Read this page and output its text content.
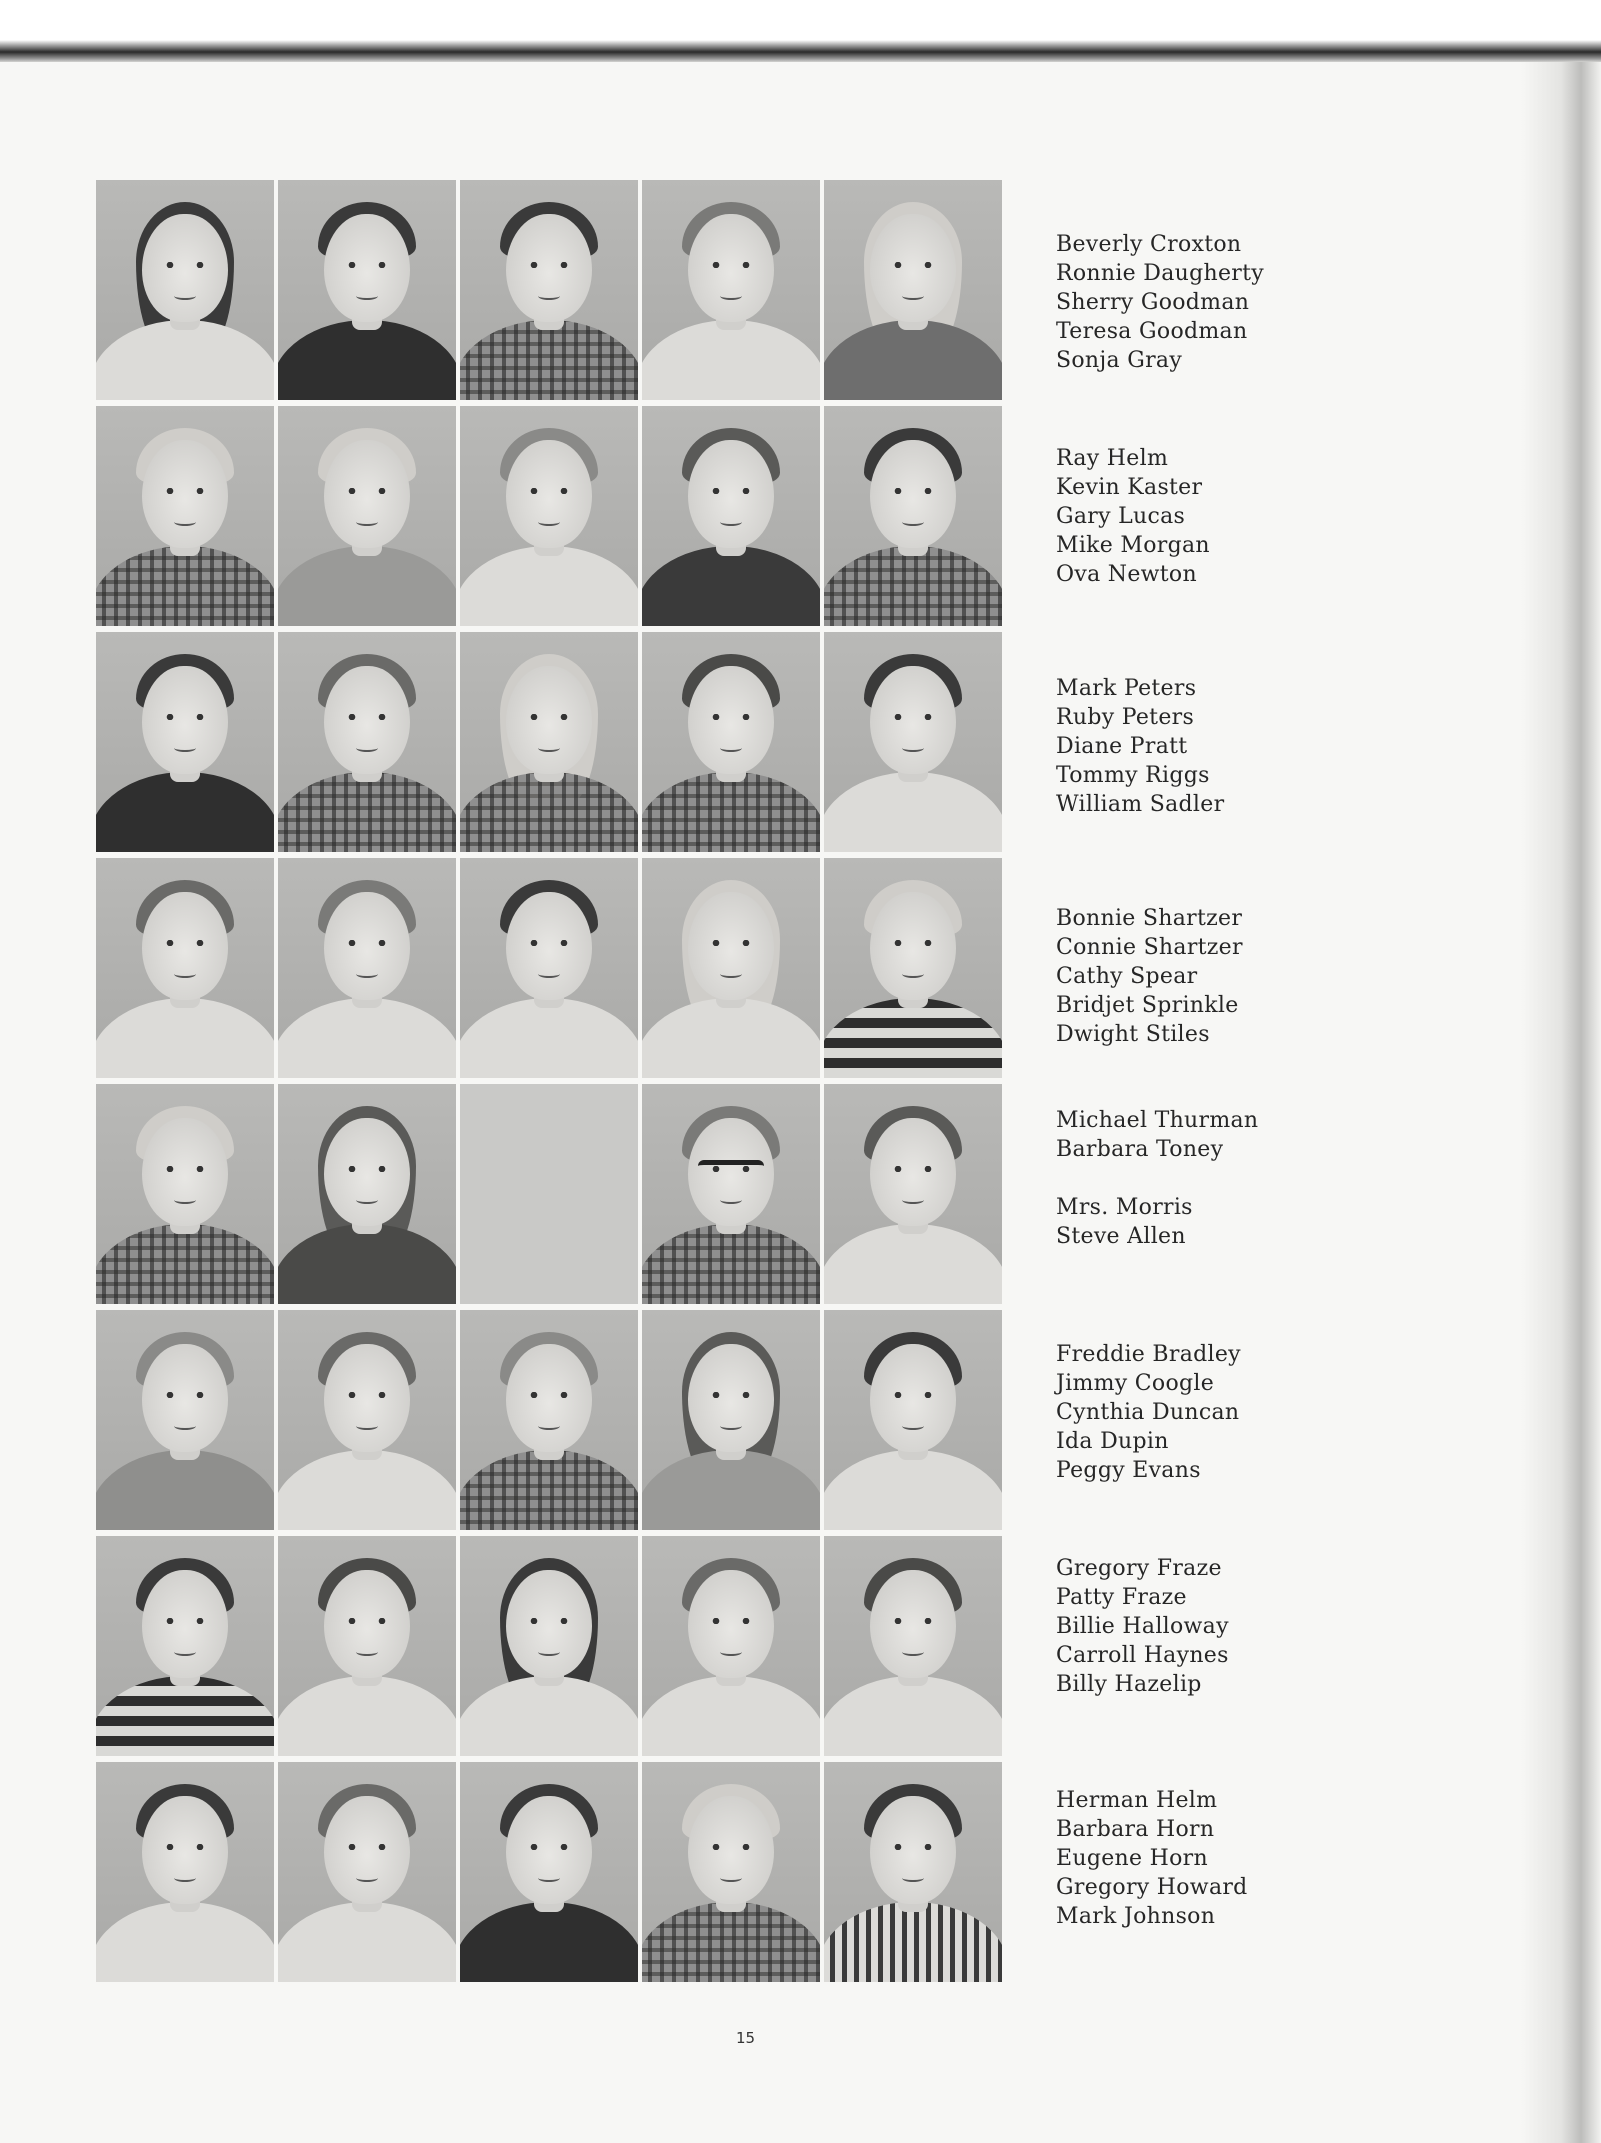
Beverly Croxton
Ronnie Daugherty
Sherry Goodman
Teresa Goodman
Sonja Gray
Ray Helm
Kevin Kaster
Gary Lucas
Mike Morgan
Ova Newton
Mark Peters
Ruby Peters
Diane Pratt
Tommy Riggs
William Sadler
Bonnie Shartzer
Connie Shartzer
Cathy Spear
Bridjet Sprinkle
Dwight Stiles
Michael Thurman
Barbara Toney
Mrs. Morris
Steve Allen
Freddie Bradley
Jimmy Coogle
Cynthia Duncan
Ida Dupin
Peggy Evans
Gregory Fraze
Patty Fraze
Billie Halloway
Carroll Haynes
Billy Hazelip
Herman Helm
Barbara Horn
Eugene Horn
Gregory Howard
Mark Johnson
15
